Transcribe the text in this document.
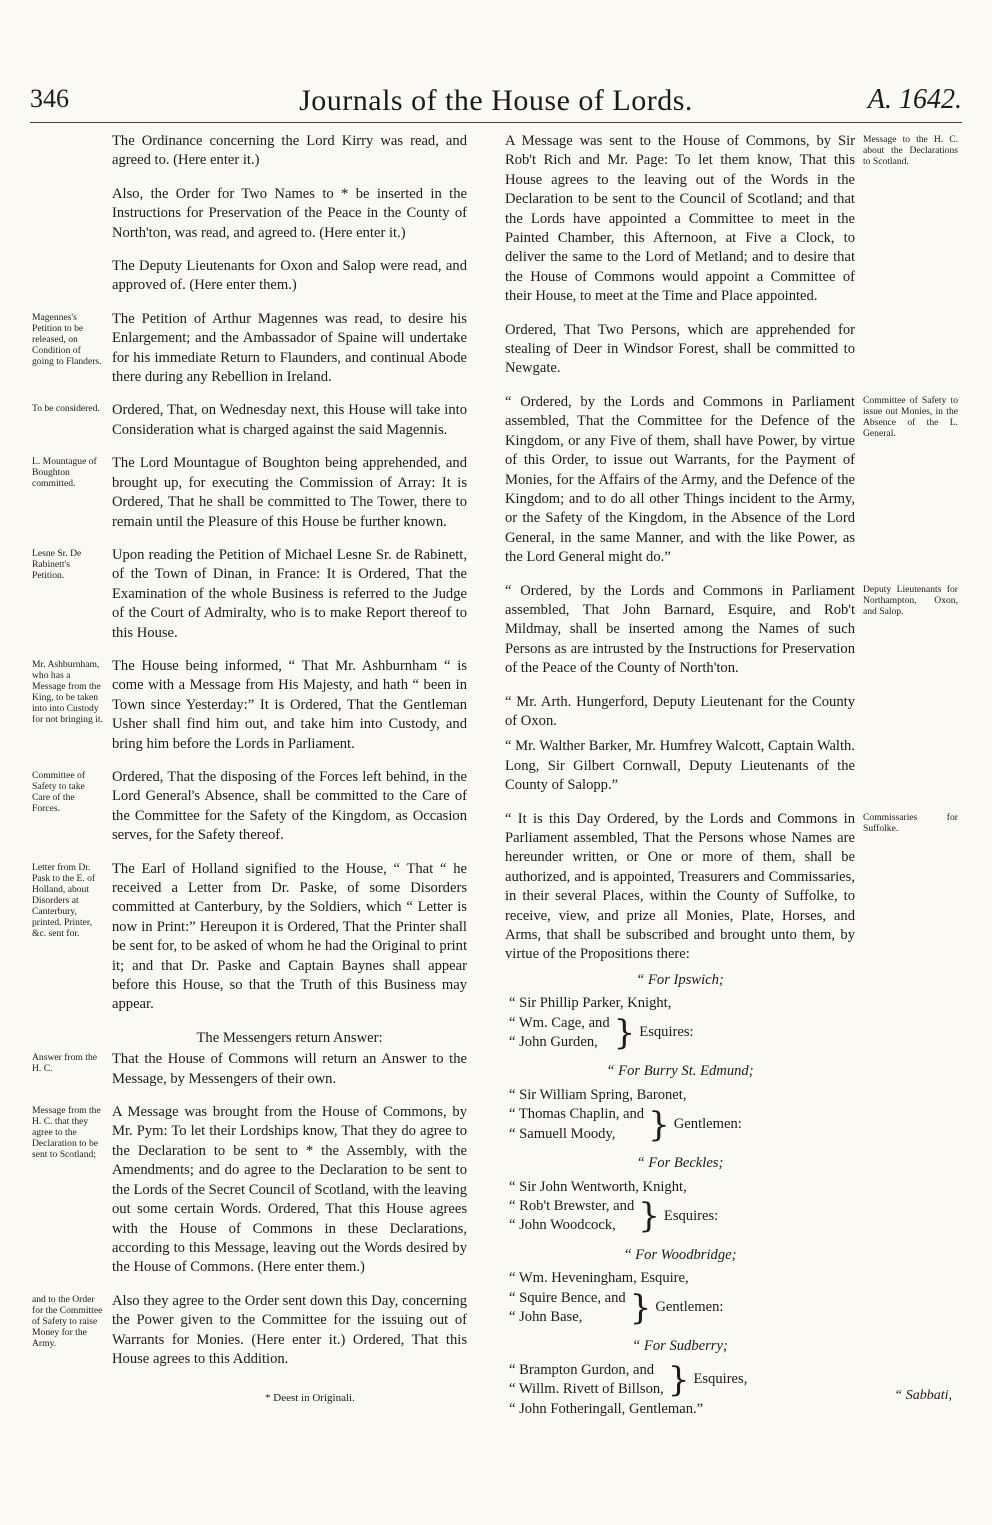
346	Journals of the House of Lords.	A. 1642.
The Ordinance concerning the Lord Kirry was read, and agreed to. (Here enter it.)
Also, the Order for Two Names to * be inserted in the Instructions for Preservation of the Peace in the County of North'ton, was read, and agreed to. (Here enter it.)
The Deputy Lieutenants for Oxon and Salop were read, and approved of. (Here enter them.)
Magennes's Petition to be released, on Condition of going to Flanders.
The Petition of Arthur Magennes was read, to desire his Enlargement; and the Ambassador of Spaine will undertake for his immediate Return to Flaunders, and continual Abode there during any Rebellion in Ireland.
To be considered. Ordered, That, on Wednesday next, this House will take into Consideration what is charged against the said Magennis.
L. Mountague of Boughton committed.
The Lord Mountague of Boughton being apprehended, and brought up, for executing the Commission of Array: It is Ordered, That he shall be committed to The Tower, there to remain until the Pleasure of this House be further known.
Lesne Sr. De Rabinett's Petition.
Upon reading the Petition of Michael Lesne Sr. de Rabinett, of the Town of Dinan, in France: It is Ordered, That the Examination of the whole Business is referred to the Judge of the Court of Admiralty, who is to make Report thereof to this House.
Mr. Ashburnham, who has a Message from the King, to be taken into into Custody for not bringing it.
The House being informed, “ That Mr. Ashburnham “ is come with a Message from His Majesty, and hath “ been in Town since Yesterday:” It is Ordered, That the Gentleman Usher shall find him out, and take him into Custody, and bring him before the Lords in Parliament.
Committee of Safety to take Care of the Forces.
Ordered, That the disposing of the Forces left behind, in the Lord General's Absence, shall be committed to the Care of the Committee for the Safety of the Kingdom, as Occasion serves, for the Safety thereof.
Letter from Dr. Pask to the E. of Holland, about Disorders at Canterbury, printed. Printer, &c. sent for.
The Earl of Holland signified to the House, “ That “ he received a Letter from Dr. Paske, of some Disorders committed at Canterbury, by the Soldiers, which “ Letter is now in Print:” Hereupon it is Ordered, That the Printer shall be sent for, to be asked of whom he had the Original to print it; and that Dr. Paske and Captain Baynes shall appear before this House, so that the Truth of this Business may appear.
The Messengers return Answer:
Answer from the H. C.
That the House of Commons will return an Answer to the Message, by Messengers of their own.
Message from the H. C. that they agree to the Declaration to be sent to Scotland;
A Message was brought from the House of Commons, by Mr. Pym: To let their Lordships know, That they do agree to the Declaration to be sent to * the Assembly, with the Amendments; and do agree to the Declaration to be sent to the Lords of the Secret Council of Scotland, with the leaving out some certain Words. Ordered, That this House agrees with the House of Commons in these Declarations, according to this Message, leaving out the Words desired by the House of Commons. (Here enter them.)
and to the Order for the Committee of Safety to raise Money for the Army.
Also they agree to the Order sent down this Day, concerning the Power given to the Committee for the issuing out of Warrants for Monies. (Here enter it.) Ordered, That this House agrees to this Addition.
Message to the H. C. about the Declarations to Scotland.
A Message was sent to the House of Commons, by Sir Rob't Rich and Mr. Page: To let them know, That this House agrees to the leaving out of the Words in the Declaration to be sent to the Council of Scotland; and that the Lords have appointed a Committee to meet in the Painted Chamber, this Afternoon, at Five a Clock, to deliver the same to the Lord of Metland; and to desire that the House of Commons would appoint a Committee of their House, to meet at the Time and Place appointed.
Ordered, That Two Persons, which are apprehended for stealing of Deer in Windsor Forest, shall be committed to Newgate.
Committee of Safety to issue out Monies, in the Absence of the L. General.
“ Ordered, by the Lords and Commons in Parliament assembled, That the Committee for the Defence of the Kingdom, or any Five of them, shall have Power, by virtue of this Order, to issue out Warrants, for the Payment of Monies, for the Affairs of the Army, and the Defence of the Kingdom; and to do all other Things incident to the Army, or the Safety of the Kingdom, in the Absence of the Lord General, in the same Manner, and with the like Power, as the Lord General might do.”
Deputy Lieutenants for Northampton, Oxon, and Salop.
“ Ordered, by the Lords and Commons in Parliament assembled, That John Barnard, Esquire, and Rob't Mildmay, shall be inserted among the Names of such Persons as are intrusted by the Instructions for Preservation of the Peace of the County of North'ton.
“ Mr. Arth. Hungerford, Deputy Lieutenant for the County of Oxon.
“ Mr. Walther Barker, Mr. Humfrey Walcott, Captain Walth. Long, Sir Gilbert Cornwall, Deputy Lieutenants of the County of Salopp.”
Commissaries for Suffolke.
“ It is this Day Ordered, by the Lords and Commons in Parliament assembled, That the Persons whose Names are hereunder written, or One or more of them, shall be authorized, and is appointed, Treasurers and Commissaries, in their several Places, within the County of Suffolke, to receive, view, and prize all Monies, Plate, Horses, and Arms, that shall be subscribed and brought unto them, by virtue of the Propositions there:
“ For Ipswich;
“ Sir Phillip Parker, Knight,
“ Wm. Cage, and
“ John Gurden, } Esquires:
“ For Burry St. Edmund;
“ Sir William Spring, Baronet,
“ Thomas Chaplin, and
“ Samuell Moody, } Gentlemen:
“ For Beckles;
“ Sir John Wentworth, Knight,
“ Rob't Brewster, and
“ John Woodcock, } Esquires:
“ For Woodbridge;
“ Wm. Heveningham, Esquire,
“ Squire Bence, and
“ John Base,	} Gentlemen:
“ For Sudberry;
“ Brampton Gurdon, and
“ Willm. Rivett of Billson, } Esquires,
“ John Fotheringall, Gentleman.”
* Deest in Originali.	“ Sabbati,
